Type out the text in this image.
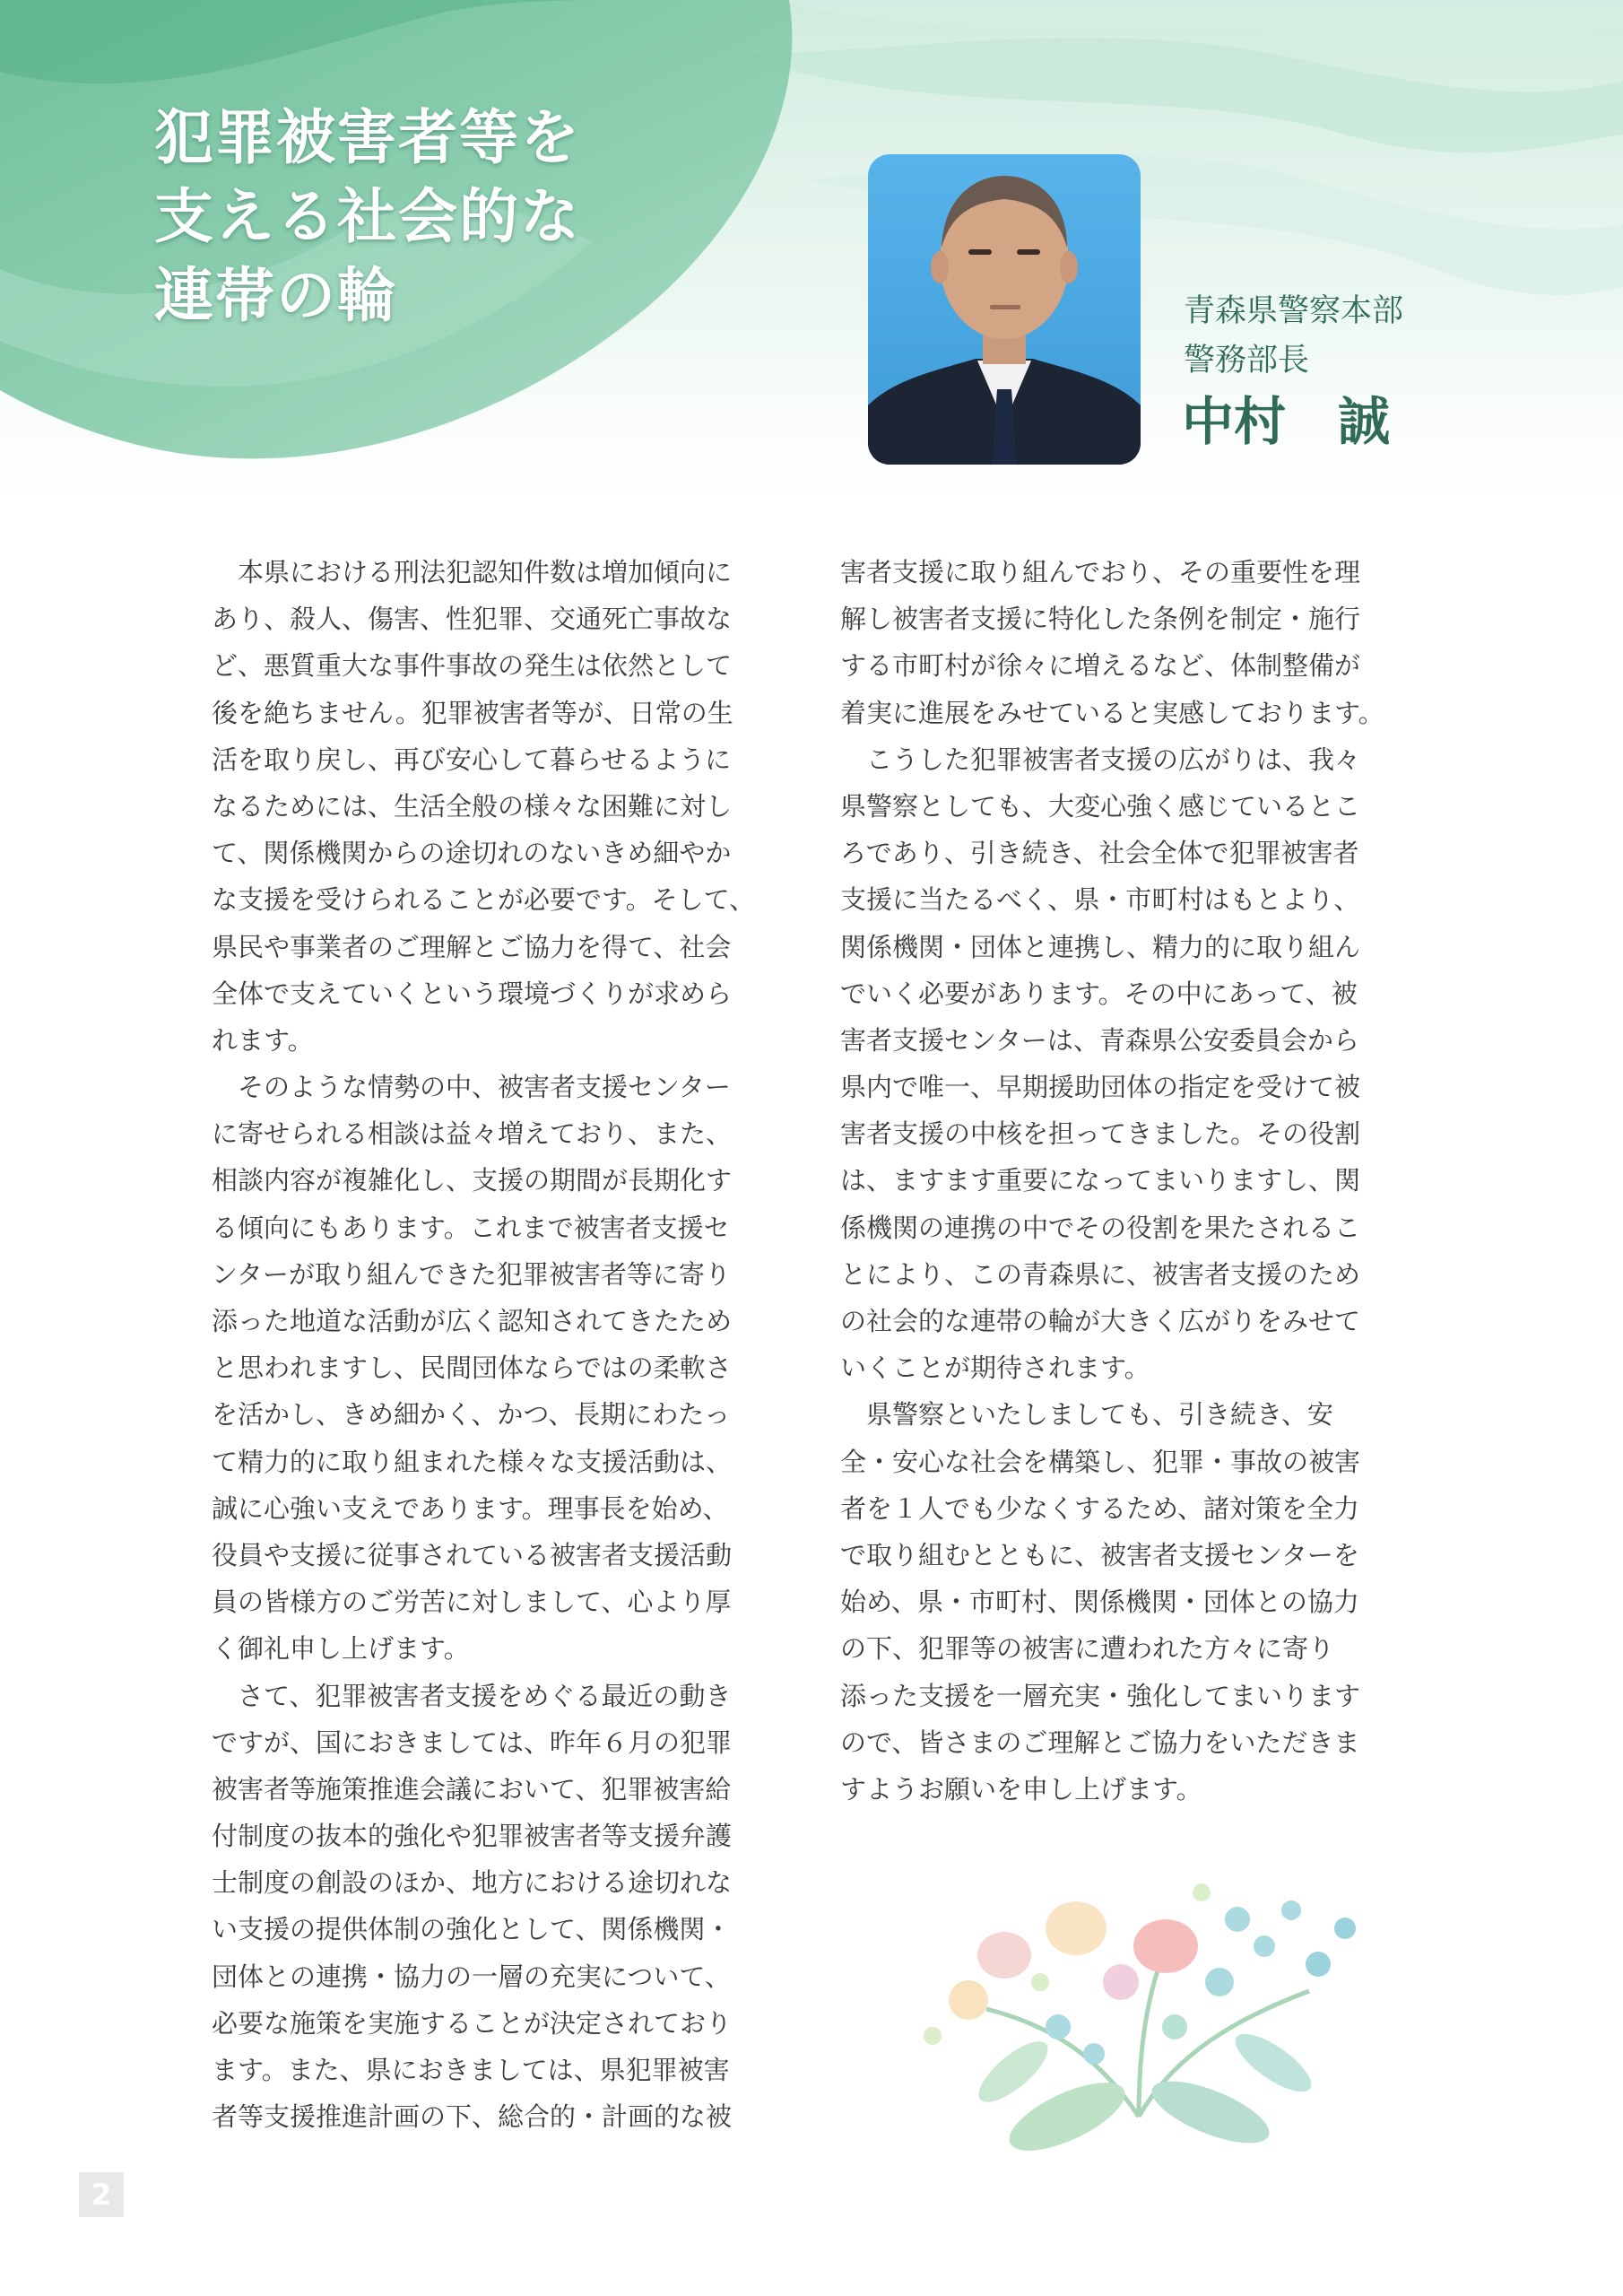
犯罪被害者等を
支える社会的な
連帯の輪	青森県警察本部
警務部長
中村　誠
　本県における刑法犯認知件数は増加傾向に
あり、殺人、傷害、性犯罪、交通死亡事故な
ど、悪質重大な事件事故の発生は依然として
後を絶ちません。犯罪被害者等が、日常の生
活を取り戻し、再び安心して暮らせるように
なるためには、生活全般の様々な困難に対し
て、関係機関からの途切れのないきめ細やか
な支援を受けられることが必要です。そして、
県民や事業者のご理解とご協力を得て、社会
全体で支えていくという環境づくりが求めら
れます。
　そのような情勢の中、被害者支援センター
に寄せられる相談は益々増えており、また、
相談内容が複雑化し、支援の期間が長期化す
る傾向にもあります。これまで被害者支援セ
ンターが取り組んできた犯罪被害者等に寄り
添った地道な活動が広く認知されてきたため
と思われますし、民間団体ならではの柔軟さ
を活かし、きめ細かく、かつ、長期にわたっ
て精力的に取り組まれた様々な支援活動は、
誠に心強い支えであります。理事長を始め、
役員や支援に従事されている被害者支援活動
員の皆様方のご労苦に対しまして、心より厚
く御礼申し上げます。
　さて、犯罪被害者支援をめぐる最近の動き
ですが、国におきましては、昨年６月の犯罪
被害者等施策推進会議において、犯罪被害給
付制度の抜本的強化や犯罪被害者等支援弁護
士制度の創設のほか、地方における途切れな
い支援の提供体制の強化として、関係機関・
団体との連携・協力の一層の充実について、
必要な施策を実施することが決定されており
ます。また、県におきましては、県犯罪被害
者等支援推進計画の下、総合的・計画的な被
害者支援に取り組んでおり、その重要性を理
解し被害者支援に特化した条例を制定・施行
する市町村が徐々に増えるなど、体制整備が
着実に進展をみせていると実感しております。
　こうした犯罪被害者支援の広がりは、我々
県警察としても、大変心強く感じているとこ
ろであり、引き続き、社会全体で犯罪被害者
支援に当たるべく、県・市町村はもとより、
関係機関・団体と連携し、精力的に取り組ん
でいく必要があります。その中にあって、被
害者支援センターは、青森県公安委員会から
県内で唯一、早期援助団体の指定を受けて被
害者支援の中核を担ってきました。その役割
は、ますます重要になってまいりますし、関
係機関の連携の中でその役割を果たされるこ
とにより、この青森県に、被害者支援のため
の社会的な連帯の輪が大きく広がりをみせて
いくことが期待されます。
　県警察といたしましても、引き続き、安
全・安心な社会を構築し、犯罪・事故の被害
者を１人でも少なくするため、諸対策を全力
で取り組むとともに、被害者支援センターを
始め、県・市町村、関係機関・団体との協力
の下、犯罪等の被害に遭われた方々に寄り
添った支援を一層充実・強化してまいります
ので、皆さまのご理解とご協力をいただきま
すようお願いを申し上げます。
2
